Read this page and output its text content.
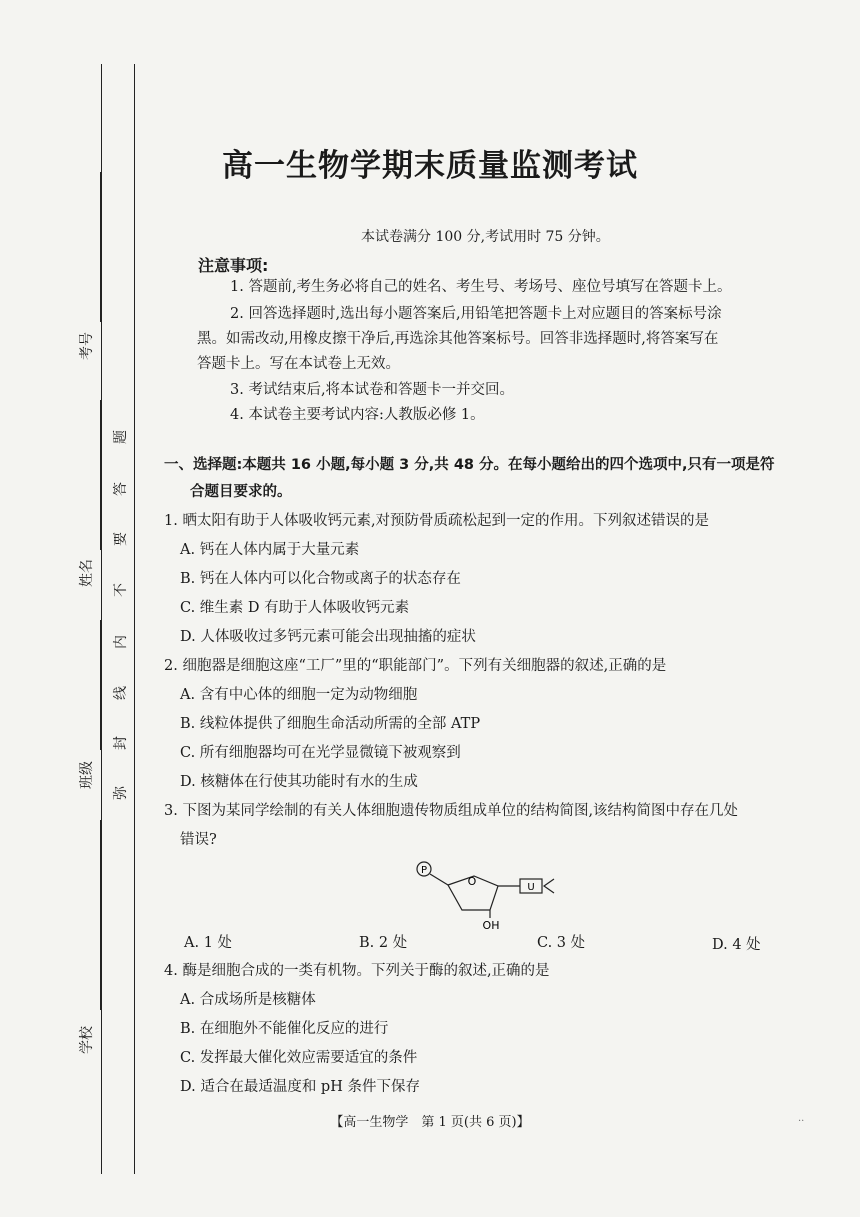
考号
姓名
班级
学校
题
答
要
不
内
线
封
弥
高一生物学期末质量监测考试
本试卷满分 100 分,考试用时 75 分钟。
注意事项:
1. 答题前,考生务必将自己的姓名、考生号、考场号、座位号填写在答题卡上。
2. 回答选择题时,选出每小题答案后,用铅笔把答题卡上对应题目的答案标号涂
黑。如需改动,用橡皮擦干净后,再选涂其他答案标号。回答非选择题时,将答案写在
答题卡上。写在本试卷上无效。
3. 考试结束后,将本试卷和答题卡一并交回。
4. 本试卷主要考试内容:人教版必修 1。
一、选择题:本题共 16 小题,每小题 3 分,共 48 分。在每小题给出的四个选项中,只有一项是符
合题目要求的。
1. 晒太阳有助于人体吸收钙元素,对预防骨质疏松起到一定的作用。下列叙述错误的是
A. 钙在人体内属于大量元素
B. 钙在人体内可以化合物或离子的状态存在
C. 维生素 D 有助于人体吸收钙元素
D. 人体吸收过多钙元素可能会出现抽搐的症状
2. 细胞器是细胞这座“工厂”里的“职能部门”。下列有关细胞器的叙述,正确的是
A. 含有中心体的细胞一定为动物细胞
B. 线粒体提供了细胞生命活动所需的全部 ATP
C. 所有细胞器均可在光学显微镜下被观察到
D. 核糖体在行使其功能时有水的生成
3. 下图为某同学绘制的有关人体细胞遗传物质组成单位的结构简图,该结构简图中存在几处
错误?
P
O
OH
U
A. 1 处	B. 2 处	C. 3 处	D. 4 处
4. 酶是细胞合成的一类有机物。下列关于酶的叙述,正确的是
A. 合成场所是核糖体
B. 在细胞外不能催化反应的进行
C. 发挥最大催化效应需要适宜的条件
D. 适合在最适温度和 pH 条件下保存
【高一生物学　第 1 页(共 6 页)】	··
